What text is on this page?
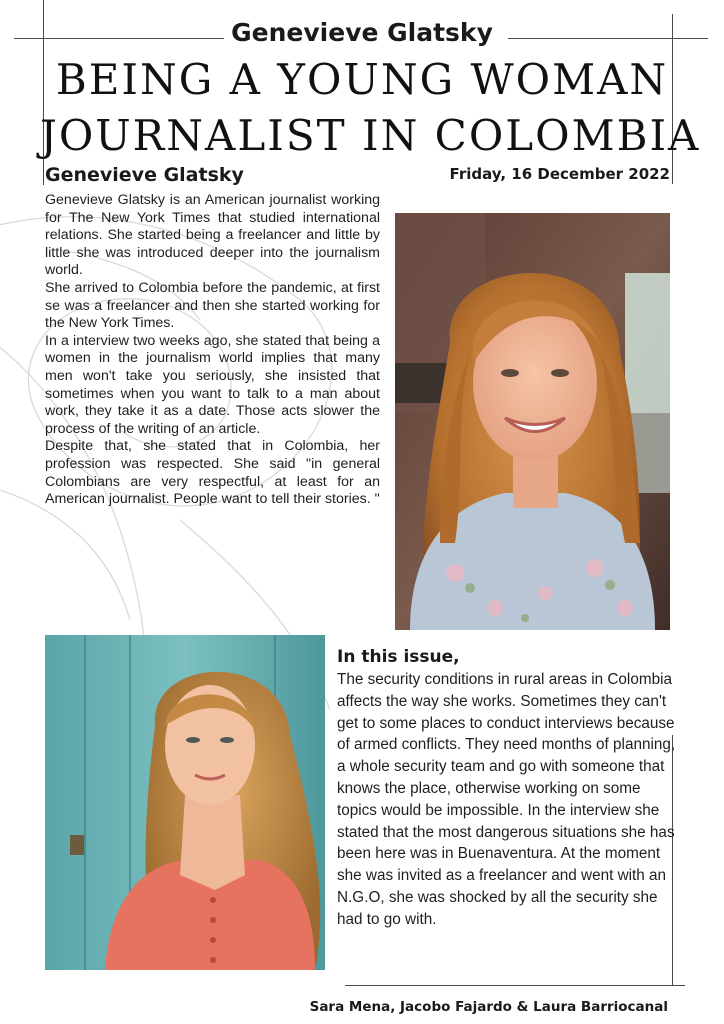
Genevieve Glatsky
BEING A YOUNG WOMAN
JOURNALIST IN COLOMBIA
Genevieve Glatsky	Friday, 16 December 2022

Genevieve Glatsky is an American journalist working for The New York Times that studied international relations. She started being a freelancer and little by little she was introduced deeper into the journalism world.

She arrived to Colombia before the pandemic, at first se was a freelancer and then she started working for the New York Times.

In a interview two weeks ago, she stated that being a women in the journalism world implies that many men won't take you seriously, she insisted that sometimes when you want to talk to a man about work, they take it as a date. Those acts slower the process of the writing of an article.

Despite that, she stated that in Colombia, her profession was respected. She said "in general Colombians are very respectful, at least for an American journalist. People want to tell their stories. "

In this issue,
The security conditions in rural areas in Colombia affects the way she works. Sometimes they can't get to some places to conduct interviews because of armed conflicts. They need months of planning, a whole security team and go with someone that knows the place, otherwise working on some topics would be impossible. In the interview she stated that the most dangerous situations she has been here was in Buenaventura. At the moment she was invited as a freelancer and went with an N.G.O, she was shocked by all the security she had to go with.
Sara Mena, Jacobo Fajardo & Laura Barriocanal
